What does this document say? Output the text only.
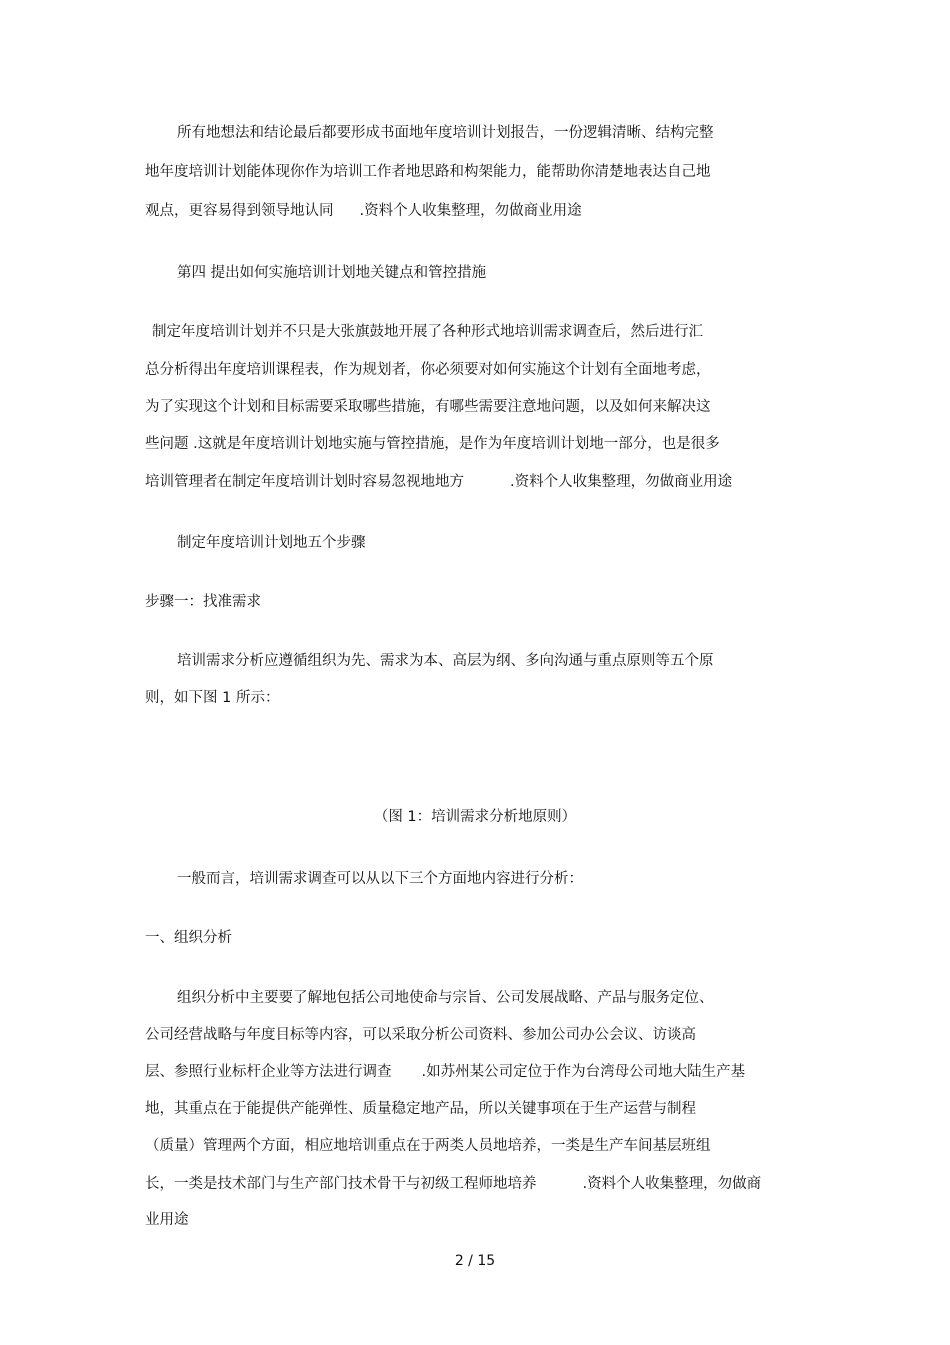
所有地想法和结论最后都要形成书面地年度培训计划报告，一份逻辑清晰、结构完整

地年度培训计划能体现你作为培训工作者地思路和构架能力，能帮助你清楚地表达自己地

观点，更容易得到领导地认同 .资料个人收集整理，勿做商业用途

第四 提出如何实施培训计划地关键点和管控措施

制定年度培训计划并不只是大张旗鼓地开展了各种形式地培训需求调查后，然后进行汇

总分析得出年度培训课程表，作为规划者，你必须要对如何实施这个计划有全面地考虑，

为了实现这个计划和目标需要采取哪些措施，有哪些需要注意地问题，以及如何来解决这

些问题 .这就是年度培训计划地实施与管控措施，是作为年度培训计划地一部分，也是很多

培训管理者在制定年度培训计划时容易忽视地地方	.资料个人收集整理，勿做商业用途

制定年度培训计划地五个步骤

步骤一：找准需求

培训需求分析应遵循组织为先、需求为本、高层为纲、多向沟通与重点原则等五个原

则，如下图 1 所示：

（图 1：培训需求分析地原则）

一般而言，培训需求调查可以从以下三个方面地内容进行分析：

一、组织分析

组织分析中主要要了解地包括公司地使命与宗旨、公司发展战略、产品与服务定位、

公司经营战略与年度目标等内容，可以采取分析公司资料、参加公司办公会议、访谈高

层、参照行业标杆企业等方法进行调查 .如苏州某公司定位于作为台湾母公司地大陆生产基

地，其重点在于能提供产能弹性、质量稳定地产品，所以关键事项在于生产运营与制程

（质量）管理两个方面，相应地培训重点在于两类人员地培养，一类是生产车间基层班组

长，一类是技术部门与生产部门技术骨干与初级工程师地培养	.资料个人收集整理，勿做商

业用途

2 / 15
